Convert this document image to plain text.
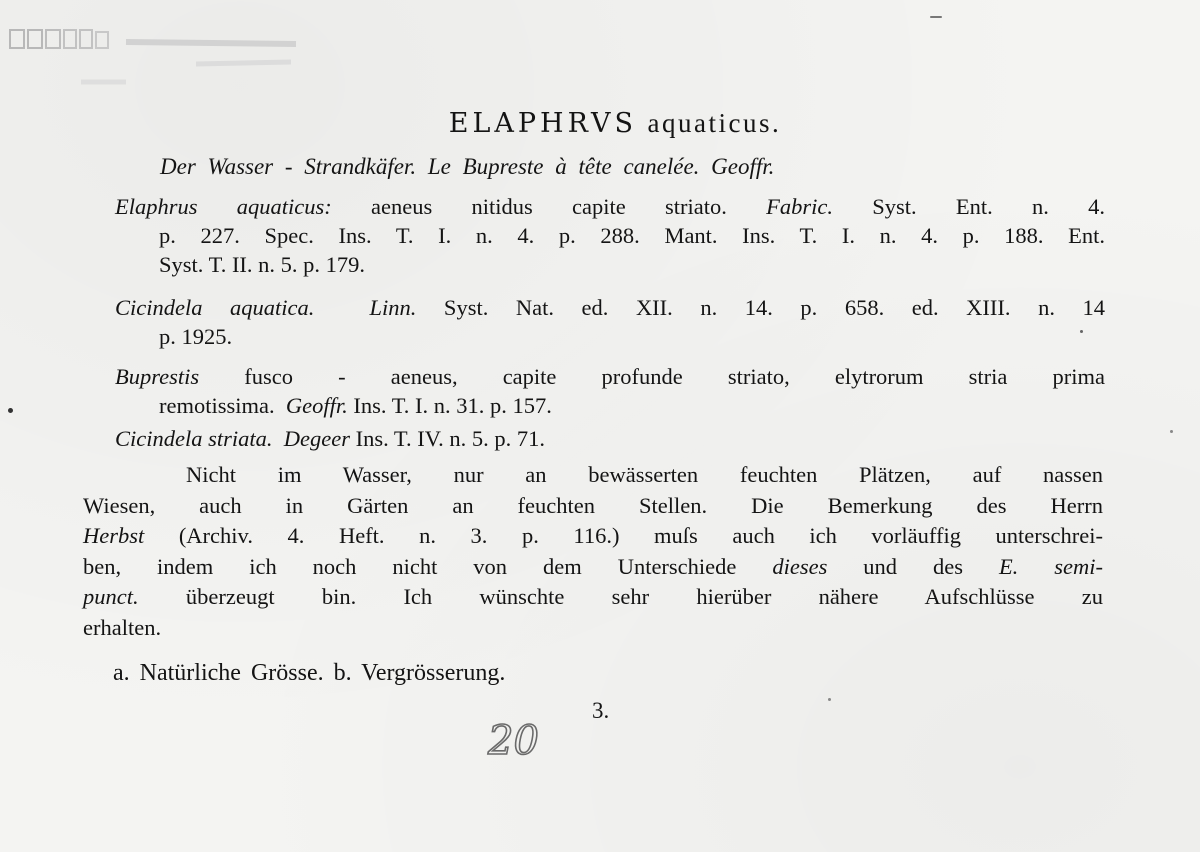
ELAPHRVS aquaticus.
Der Wasser - Strandkäfer. Le Bupreste à tête canelée. Geoffr.
Elaphrus aquaticus: aeneus nitidus capite striato. Fabric. Syst. Ent. n. 4.
p. 227. Spec. Ins. T. I. n. 4. p. 288. Mant. Ins. T. I. n. 4. p. 188. Ent.
Syst. T. II. n. 5. p. 179.
Cicindela aquatica. Linn. Syst. Nat. ed. XII. n. 14. p. 658. ed. XIII. n. 14
p. 1925.
Buprestis fusco - aeneus, capite profunde striato, elytrorum stria prima
remotissima. Geoffr. Ins. T. I. n. 31. p. 157.
Cicindela striata. Degeer Ins. T. IV. n. 5. p. 71.
Nicht im Wasser, nur an bewässerten feuchten Plätzen, auf nassen
Wiesen, auch in Gärten an feuchten Stellen. Die Bemerkung des Herrn
Herbst (Archiv. 4. Heft. n. 3. p. 116.) muſs auch ich vorläuffig unterschrei-
ben, indem ich noch nicht von dem Unterschiede dieses und des E. semi-
punct. überzeugt bin. Ich wünschte sehr hierüber nähere Aufschlüsse zu
erhalten.
a. Natürliche Grösse. b. Vergrösserung.
3.
20
